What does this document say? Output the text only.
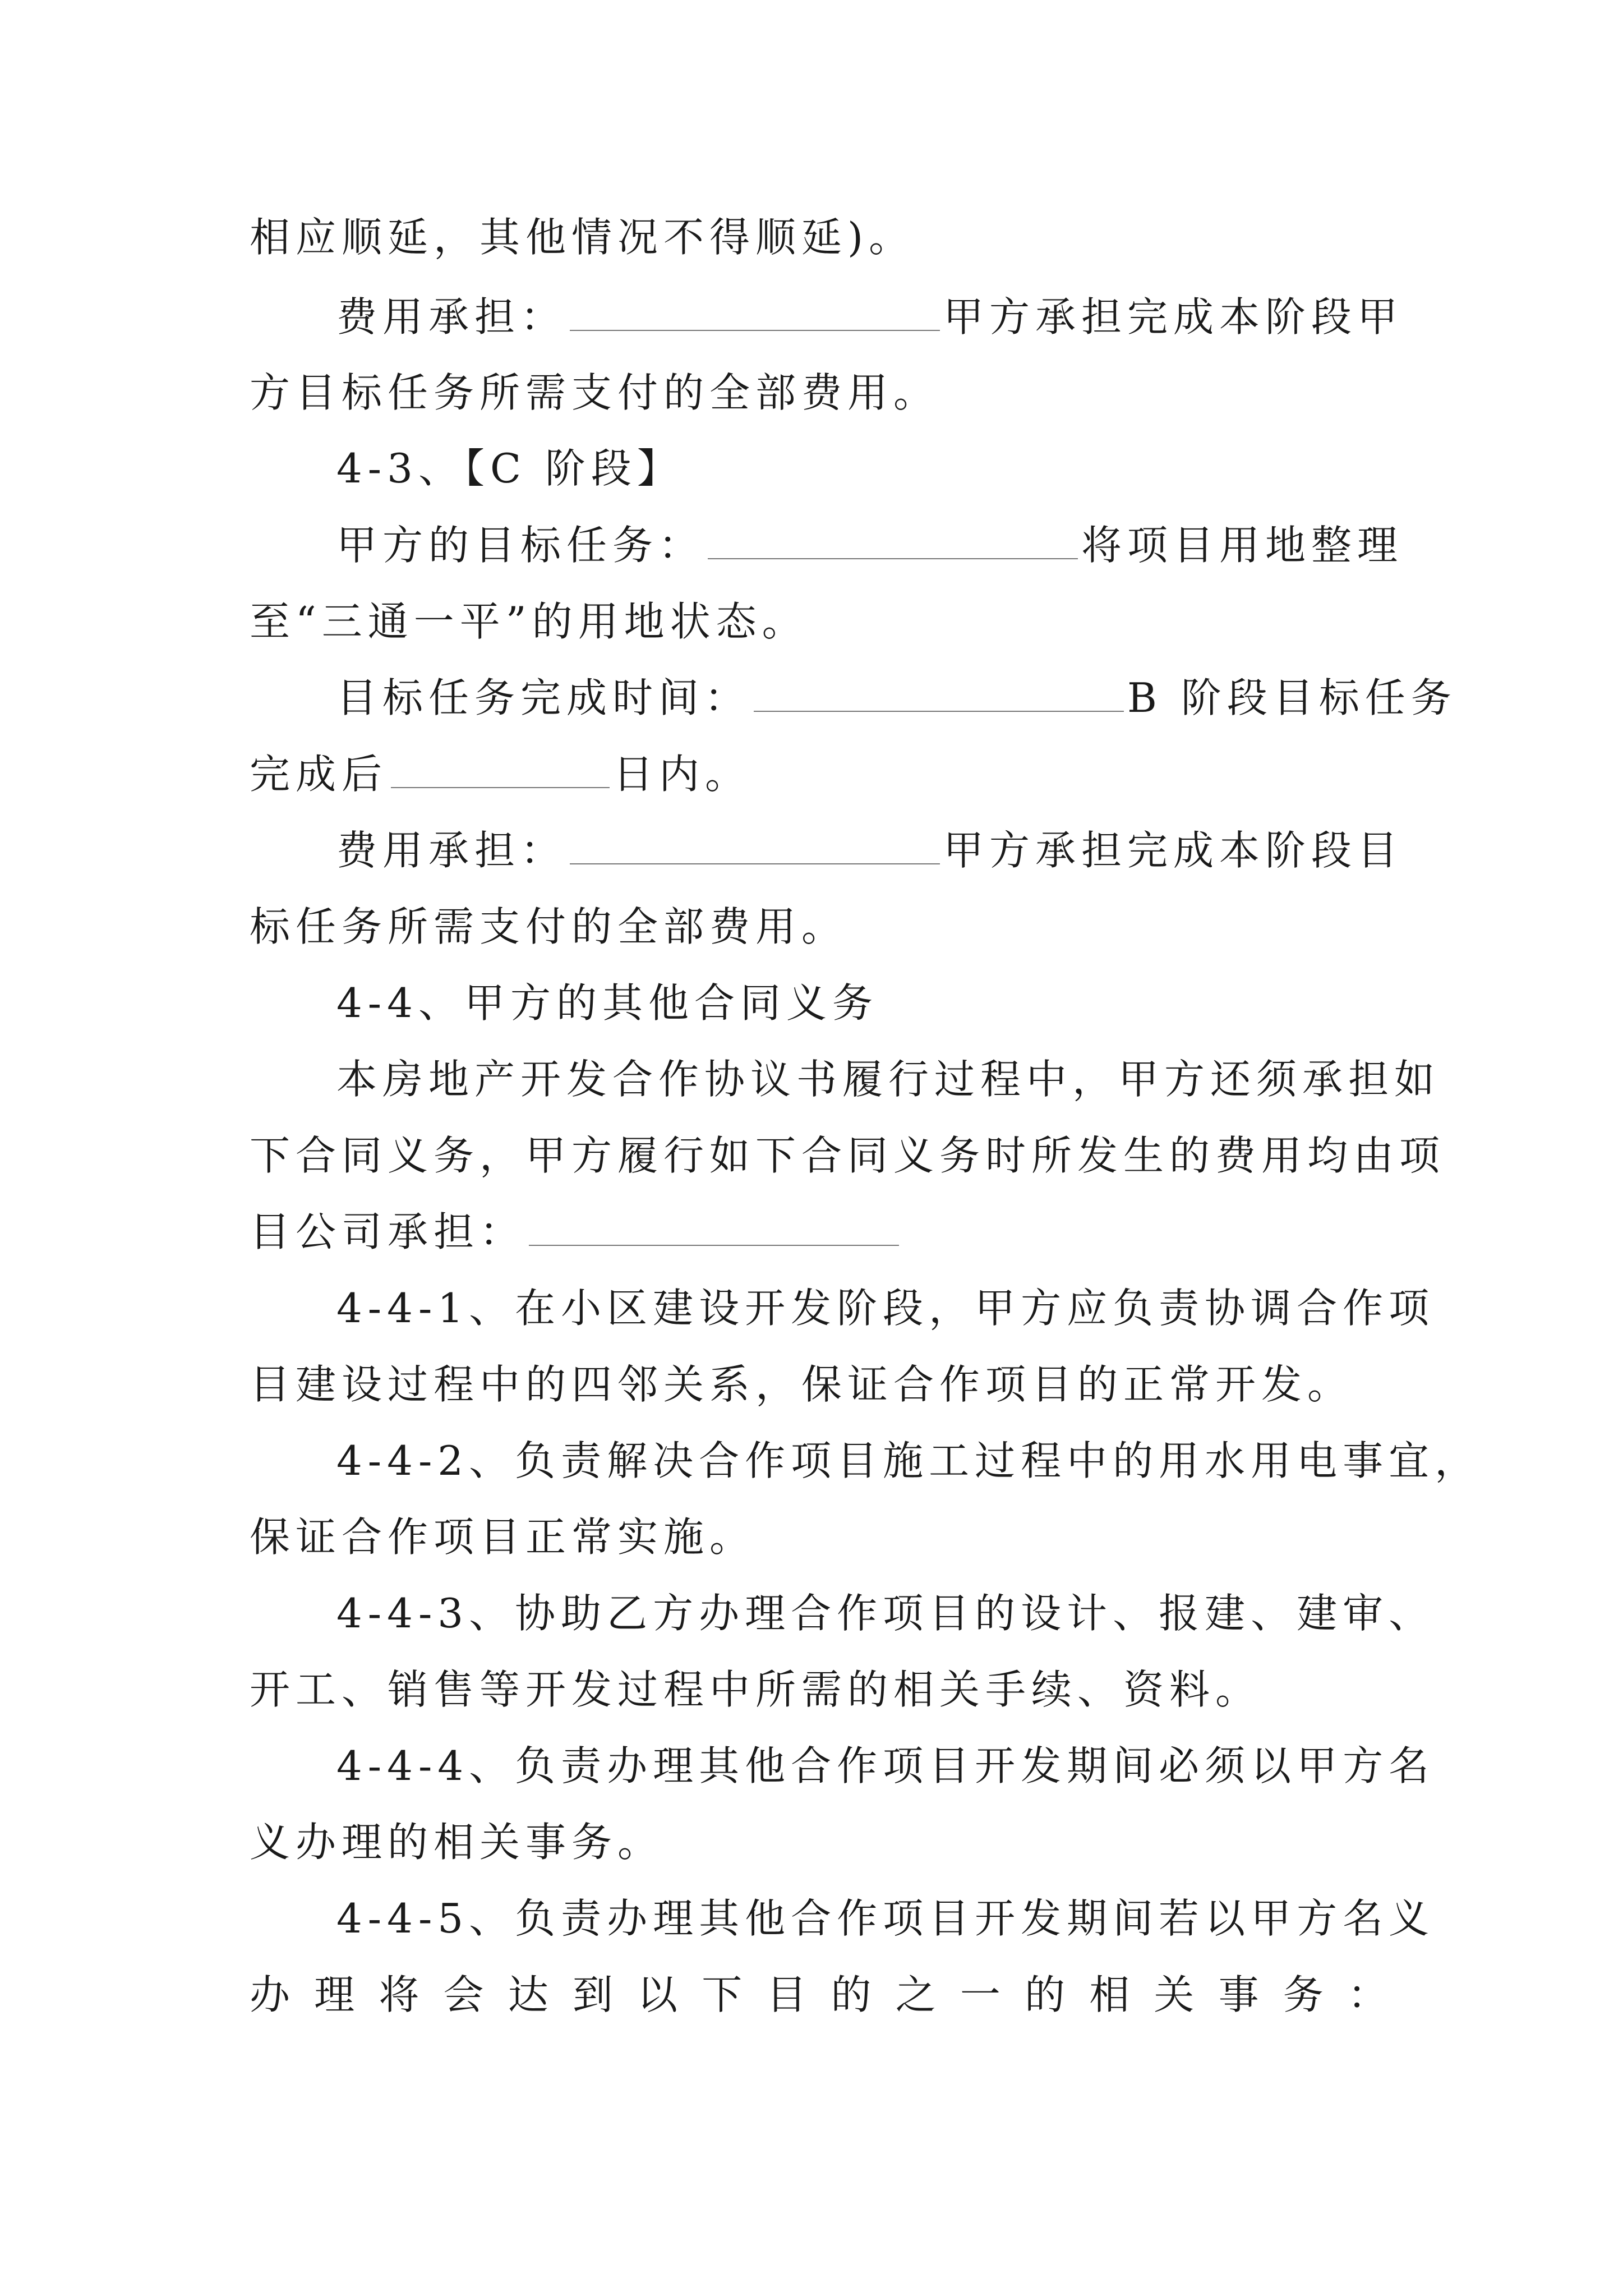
相应顺延，其他情况不得顺延)。
费用承担：	甲方承担完成本阶段甲
方目标任务所需支付的全部费用。
4-3、【C 阶段】
甲方的目标任务：	将项目用地整理
至“三通一平”的用地状态。
目标任务完成时间：	B 阶段目标任务
完成后	日内。
费用承担：	甲方承担完成本阶段目
标任务所需支付的全部费用。
4-4、甲方的其他合同义务
本房地产开发合作协议书履行过程中，甲方还须承担如
下合同义务，甲方履行如下合同义务时所发生的费用均由项
目公司承担：
4-4-1、在小区建设开发阶段，甲方应负责协调合作项
目建设过程中的四邻关系，保证合作项目的正常开发。
4-4-2、负责解决合作项目施工过程中的用水用电事宜，
保证合作项目正常实施。
4-4-3、协助乙方办理合作项目的设计、报建、建审、
开工、销售等开发过程中所需的相关手续、资料。
4-4-4、负责办理其他合作项目开发期间必须以甲方名
义办理的相关事务。
4-4-5、负责办理其他合作项目开发期间若以甲方名义
办 理 将 会 达 到 以 下 目 的 之 一 的 相 关 事 务 ：
